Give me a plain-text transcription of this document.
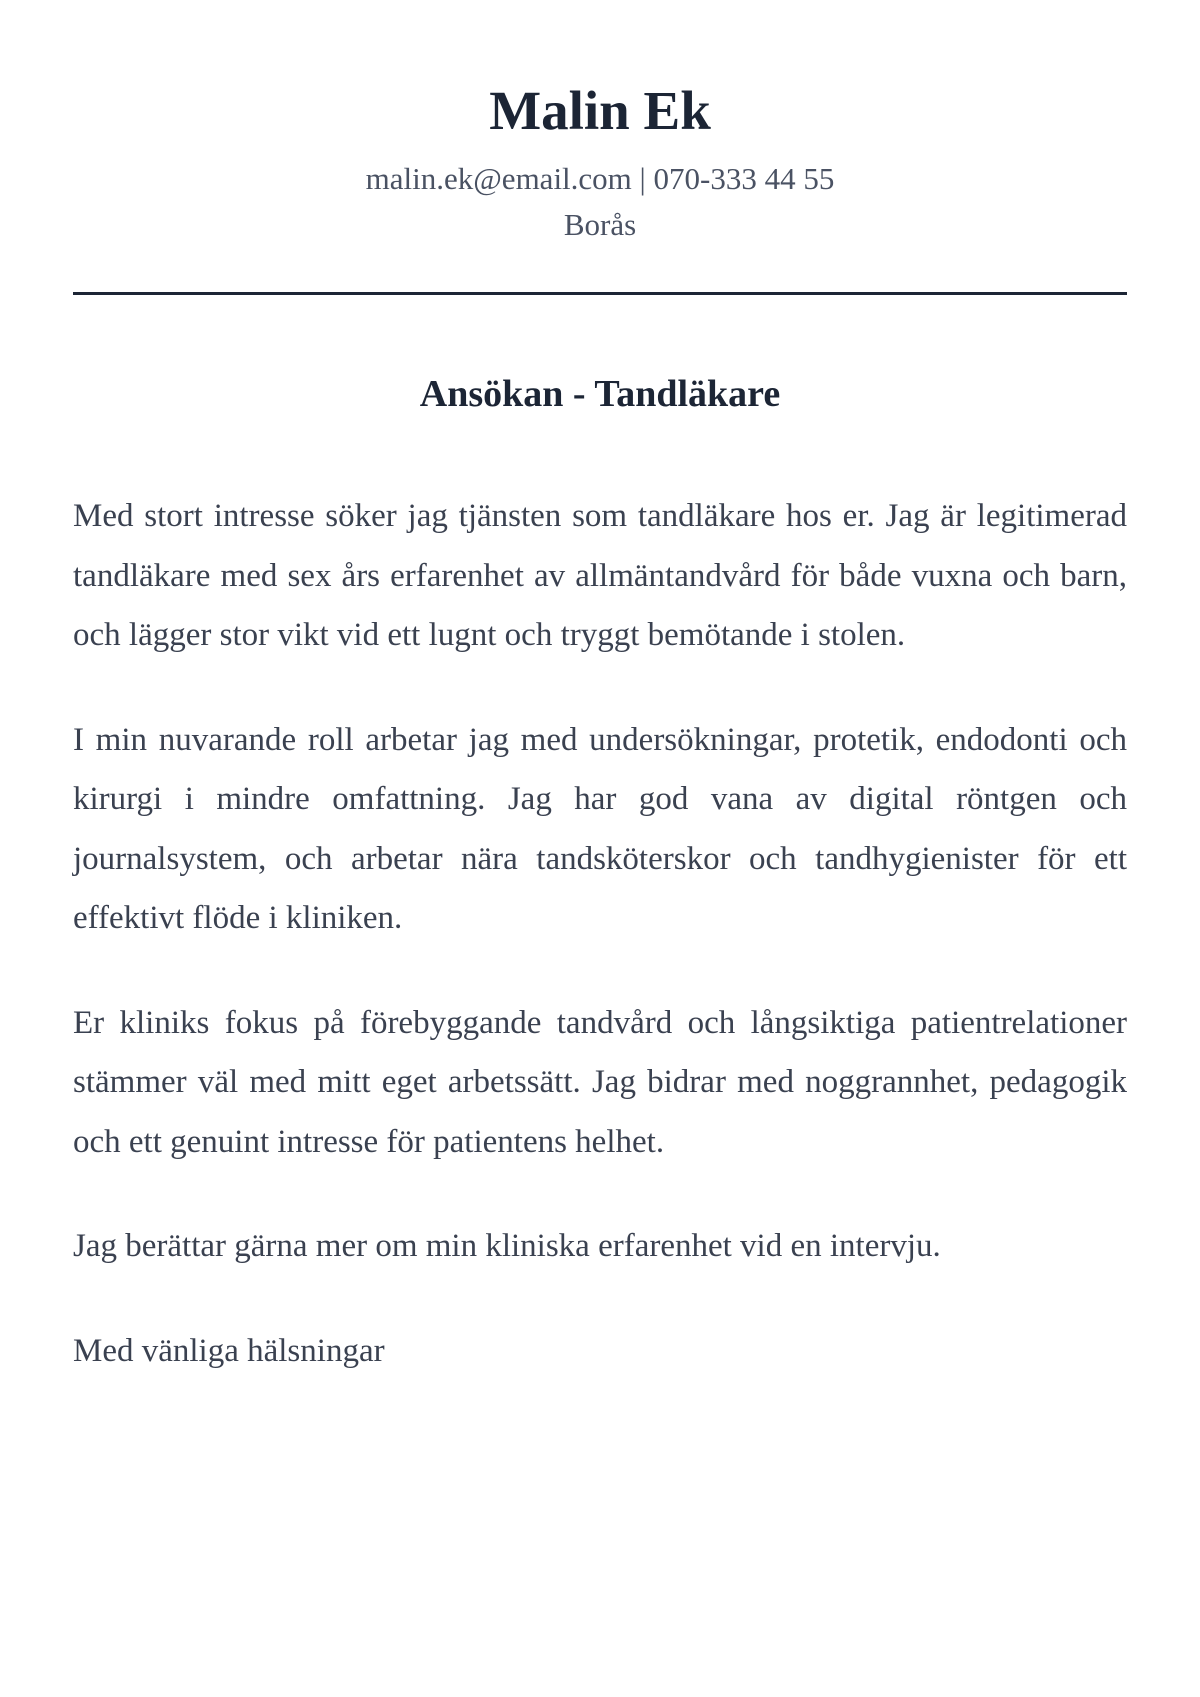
Malin Ek
malin.ek@email.com | 070-333 44 55
Borås
Ansökan - Tandläkare

Med stort intresse söker jag tjänsten som tandläkare hos er. Jag är legitimerad tandläkare med sex års erfarenhet av allmäntandvård för både vuxna och barn, och lägger stor vikt vid ett lugnt och tryggt bemötande i stolen.

I min nuvarande roll arbetar jag med undersökningar, protetik, endodonti och kirurgi i mindre omfattning. Jag har god vana av digital röntgen och journalsystem, och arbetar nära tandsköterskor och tandhygienister för ett effektivt flöde i kliniken.

Er kliniks fokus på förebyggande tandvård och långsiktiga patientrelationer stämmer väl med mitt eget arbetssätt. Jag bidrar med noggrannhet, pedagogik och ett genuint intresse för patientens helhet.

Jag berättar gärna mer om min kliniska erfarenhet vid en intervju.

Med vänliga hälsningar
